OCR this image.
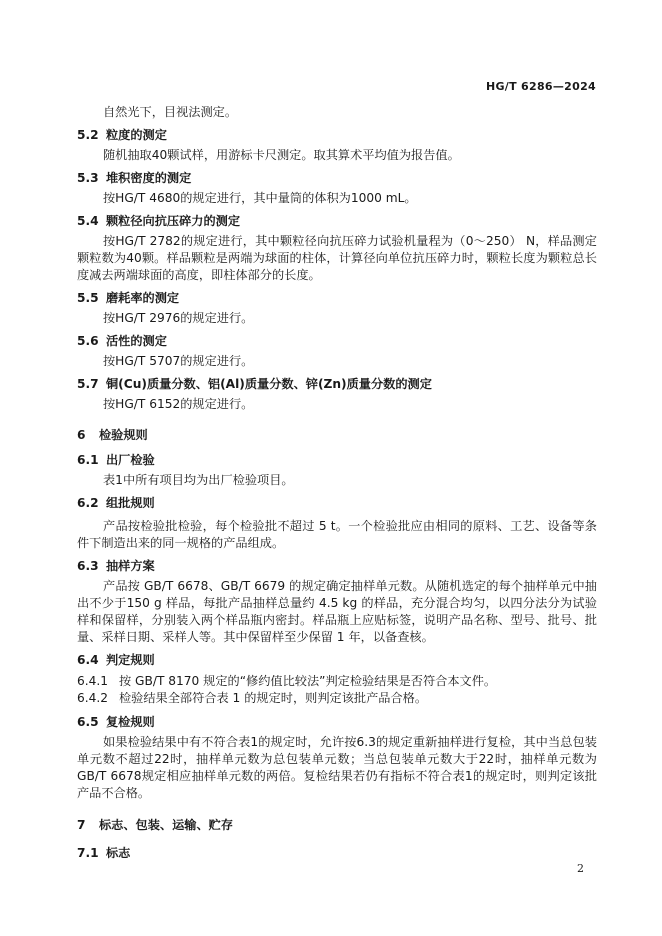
HG/T 6286—2024
自然光下，目视法测定。
5.2 粒度的测定
随机抽取40颗试样，用游标卡尺测定。取其算术平均值为报告值。
5.3 堆积密度的测定
按HG/T 4680的规定进行，其中量筒的体积为1000 mL。
5.4 颗粒径向抗压碎力的测定
按HG/T 2782的规定进行，其中颗粒径向抗压碎力试验机量程为（0～250） N，样品测定颗粒数为40颗。样品颗粒是两端为球面的柱体，计算径向单位抗压碎力时，颗粒长度为颗粒总长度减去两端球面的高度，即柱体部分的长度。
5.5 磨耗率的测定
按HG/T 2976的规定进行。
5.6 活性的测定
按HG/T 5707的规定进行。
5.7 铜(Cu)质量分数、铝(Al)质量分数、锌(Zn)质量分数的测定
按HG/T 6152的规定进行。
6 检验规则
6.1 出厂检验
表1中所有项目均为出厂检验项目。
6.2 组批规则
产品按检验批检验，每个检验批不超过 5 t。一个检验批应由相同的原料、工艺、设备等条件下制造出来的同一规格的产品组成。
6.3 抽样方案
产品按 GB/T 6678、GB/T 6679 的规定确定抽样单元数。从随机选定的每个抽样单元中抽出不少于150 g 样品，每批产品抽样总量约 4.5 kg 的样品，充分混合均匀，以四分法分为试验样和保留样，分别装入两个样品瓶内密封。样品瓶上应贴标签，说明产品名称、型号、批号、批量、采样日期、采样人等。其中保留样至少保留 1 年，以备查核。
6.4 判定规则
6.4.1 按 GB/T 8170 规定的“修约值比较法”判定检验结果是否符合本文件。
6.4.2 检验结果全部符合表 1 的规定时，则判定该批产品合格。
6.5 复检规则
如果检验结果中有不符合表1的规定时，允许按6.3的规定重新抽样进行复检，其中当总包装单元数不超过22时，抽样单元数为总包装单元数；当总包装单元数大于22时，抽样单元数为GB/T 6678规定相应抽样单元数的两倍。复检结果若仍有指标不符合表1的规定时，则判定该批产品不合格。
7 标志、包装、运输、贮存
7.1 标志
2
